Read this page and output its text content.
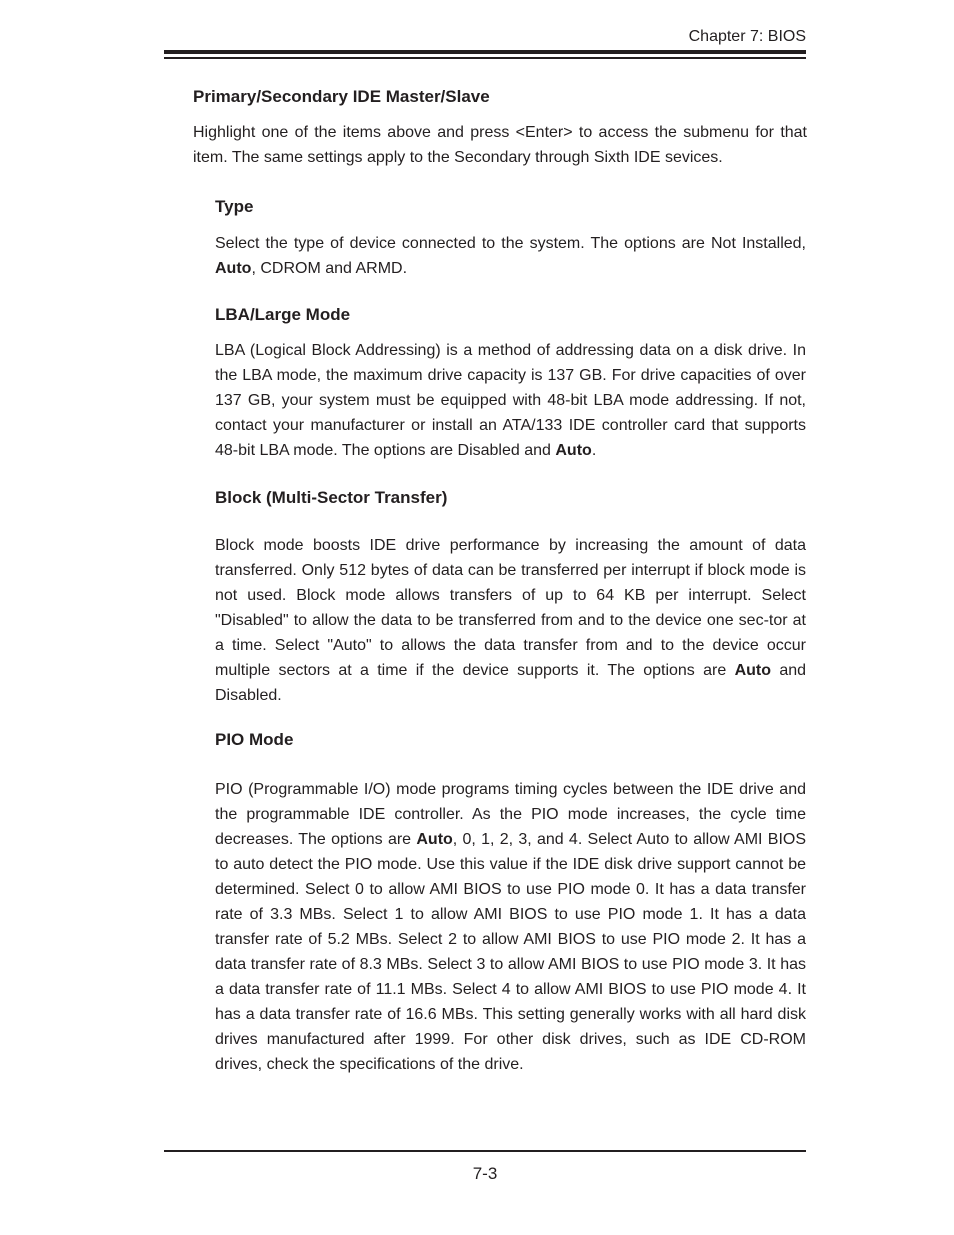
Chapter 7: BIOS
Primary/Secondary IDE Master/Slave

Highlight one of the items above and press <Enter> to access the submenu for that item. The same settings apply to the Secondary through Sixth IDE sevices.

Type

Select the type of device connected to the system. The options are Not Installed, Auto, CDROM and ARMD.

LBA/Large Mode

LBA (Logical Block Addressing) is a method of addressing data on a disk drive. In the LBA mode, the maximum drive capacity is 137 GB. For drive capacities of over 137 GB, your system must be equipped with 48-bit LBA mode addressing. If not, contact your manufacturer or install an ATA/133 IDE controller card that supports 48-bit LBA mode. The options are Disabled and Auto.

Block (Multi-Sector Transfer)

Block mode boosts IDE drive performance by increasing the amount of data transferred. Only 512 bytes of data can be transferred per interrupt if block mode is not used. Block mode allows transfers of up to 64 KB per interrupt. Select "Disabled" to allow the data to be transferred from and to the device one sec-tor at a time. Select "Auto" to allows the data transfer from and to the device occur multiple sectors at a time if the device supports it. The options are Auto and Disabled.

PIO Mode

PIO (Programmable I/O) mode programs timing cycles between the IDE drive and the programmable IDE controller. As the PIO mode increases, the cycle time decreases. The options are Auto, 0, 1, 2, 3, and 4. Select Auto to allow AMI BIOS to auto detect the PIO mode. Use this value if the IDE disk drive support cannot be determined. Select 0 to allow AMI BIOS to use PIO mode 0. It has a data transfer rate of 3.3 MBs. Select 1 to allow AMI BIOS to use PIO mode 1. It has a data transfer rate of 5.2 MBs. Select 2 to allow AMI BIOS to use PIO mode 2. It has a data transfer rate of 8.3 MBs. Select 3 to allow AMI BIOS to use PIO mode 3. It has a data transfer rate of 11.1 MBs. Select 4 to allow AMI BIOS to use PIO mode 4. It has a data transfer rate of 16.6 MBs. This setting generally works with all hard disk drives manufactured after 1999. For other disk drives, such as IDE CD-ROM drives, check the specifications of the drive.

7-3
